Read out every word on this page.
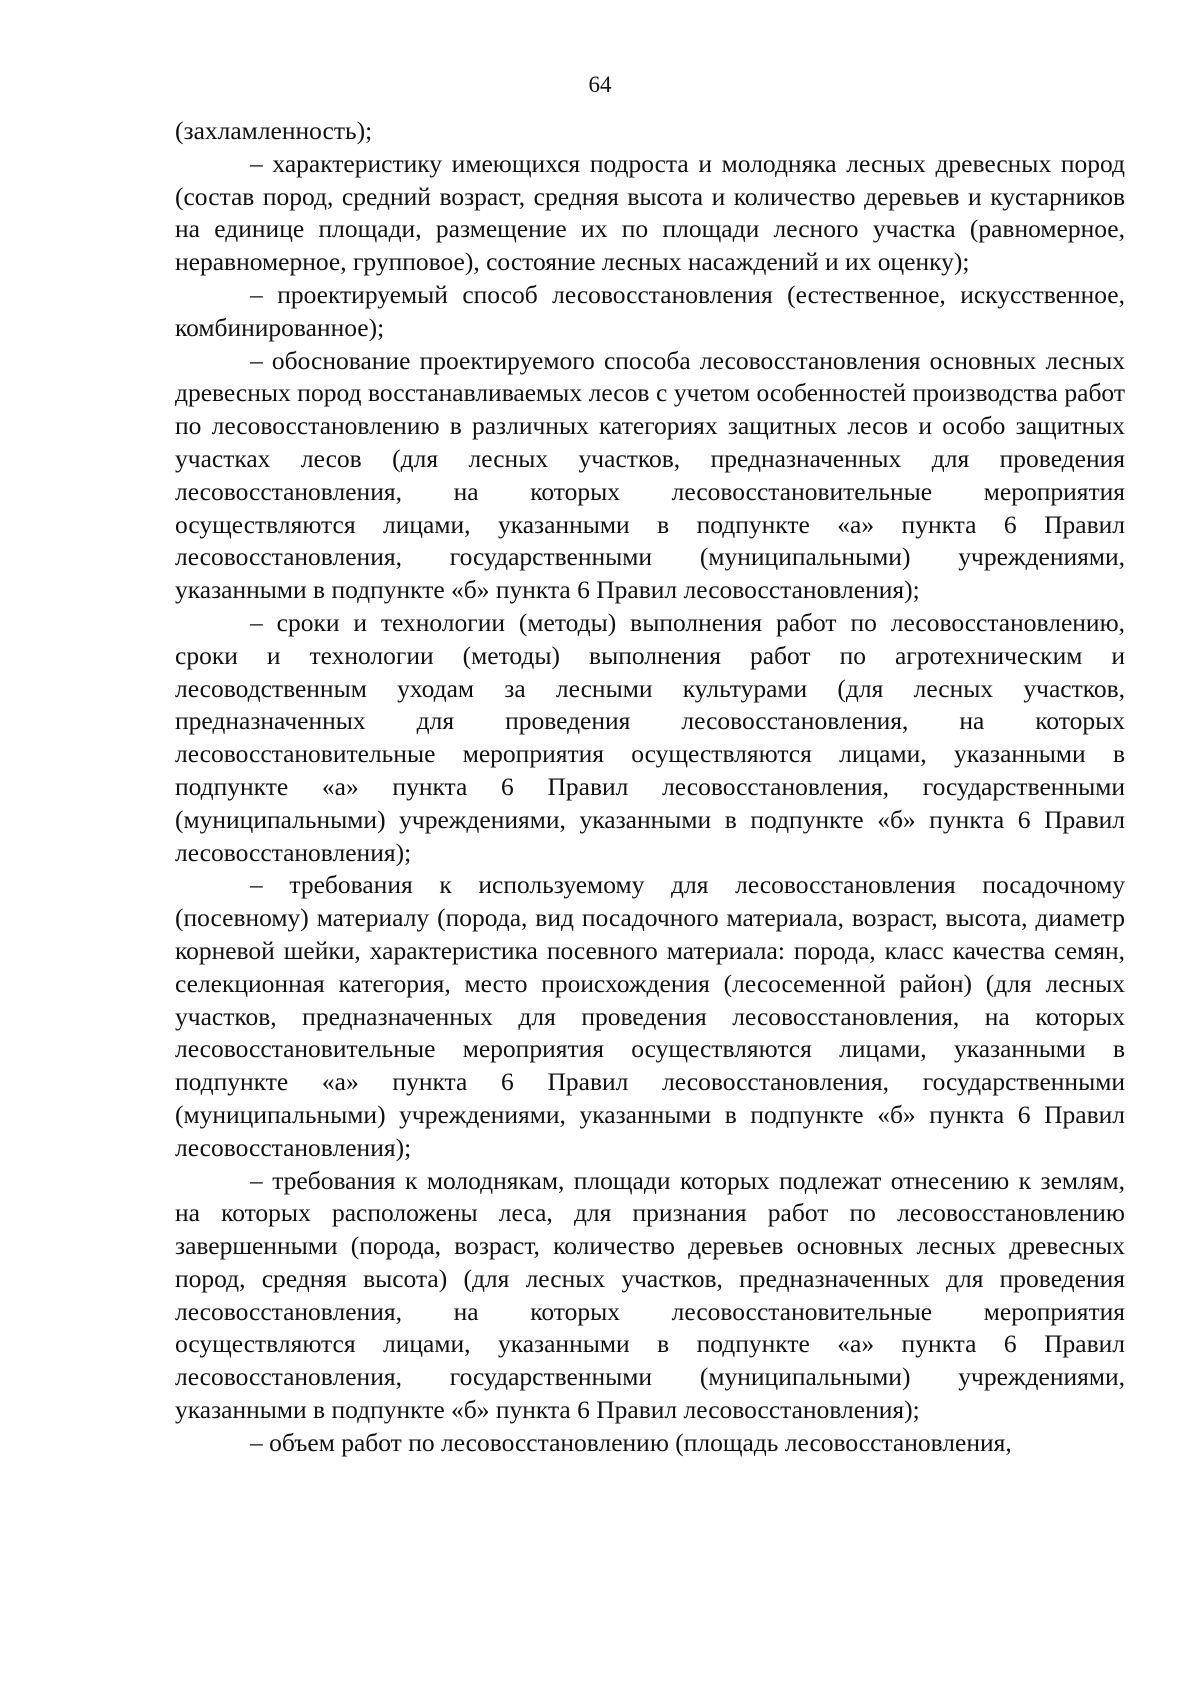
64

(захламленность);

– характеристику имеющихся подроста и молодняка лесных древесных пород (состав пород, средний возраст, средняя высота и количество деревьев и кустарников на единице площади, размещение их по площади лесного участка (равномерное, неравномерное, групповое), состояние лесных насаждений и их оценку);

– проектируемый способ лесовосстановления (естественное, искусственное, комбинированное);

– обоснование проектируемого способа лесовосстановления основных лесных древесных пород восстанавливаемых лесов с учетом особенностей производства работ по лесовосстановлению в различных категориях защитных лесов и особо защитных участках лесов (для лесных участков, предназначенных для проведения лесовосстановления, на которых лесовосстановительные мероприятия осуществляются лицами, указанными в подпункте «а» пункта 6 Правил лесовосстановления, государственными (муниципальными) учреждениями, указанными в подпункте «б» пункта 6 Правил лесовосстановления);

– сроки и технологии (методы) выполнения работ по лесовосстановлению, сроки и технологии (методы) выполнения работ по агротехническим и лесоводственным уходам за лесными культурами (для лесных участков, предназначенных для проведения лесовосстановления, на которых лесовосстановительные мероприятия осуществляются лицами, указанными в подпункте «а» пункта 6 Правил лесовосстановления, государственными (муниципальными) учреждениями, указанными в подпункте «б» пункта 6 Правил лесовосстановления);

– требования к используемому для лесовосстановления посадочному (посевному) материалу (порода, вид посадочного материала, возраст, высота, диаметр корневой шейки, характеристика посевного материала: порода, класс качества семян, селекционная категория, место происхождения (лесосеменной район) (для лесных участков, предназначенных для проведения лесовосстановления, на которых лесовосстановительные мероприятия осуществляются лицами, указанными в подпункте «а» пункта 6 Правил лесовосстановления, государственными (муниципальными) учреждениями, указанными в подпункте «б» пункта 6 Правил лесовосстановления);

– требования к молоднякам, площади которых подлежат отнесению к землям, на которых расположены леса, для признания работ по лесовосстановлению завершенными (порода, возраст, количество деревьев основных лесных древесных пород, средняя высота) (для лесных участков, предназначенных для проведения лесовосстановления, на которых лесовосстановительные мероприятия осуществляются лицами, указанными в подпункте «а» пункта 6 Правил лесовосстановления, государственными (муниципальными) учреждениями, указанными в подпункте «б» пункта 6 Правил лесовосстановления);

– объем работ по лесовосстановлению (площадь лесовосстановления,
